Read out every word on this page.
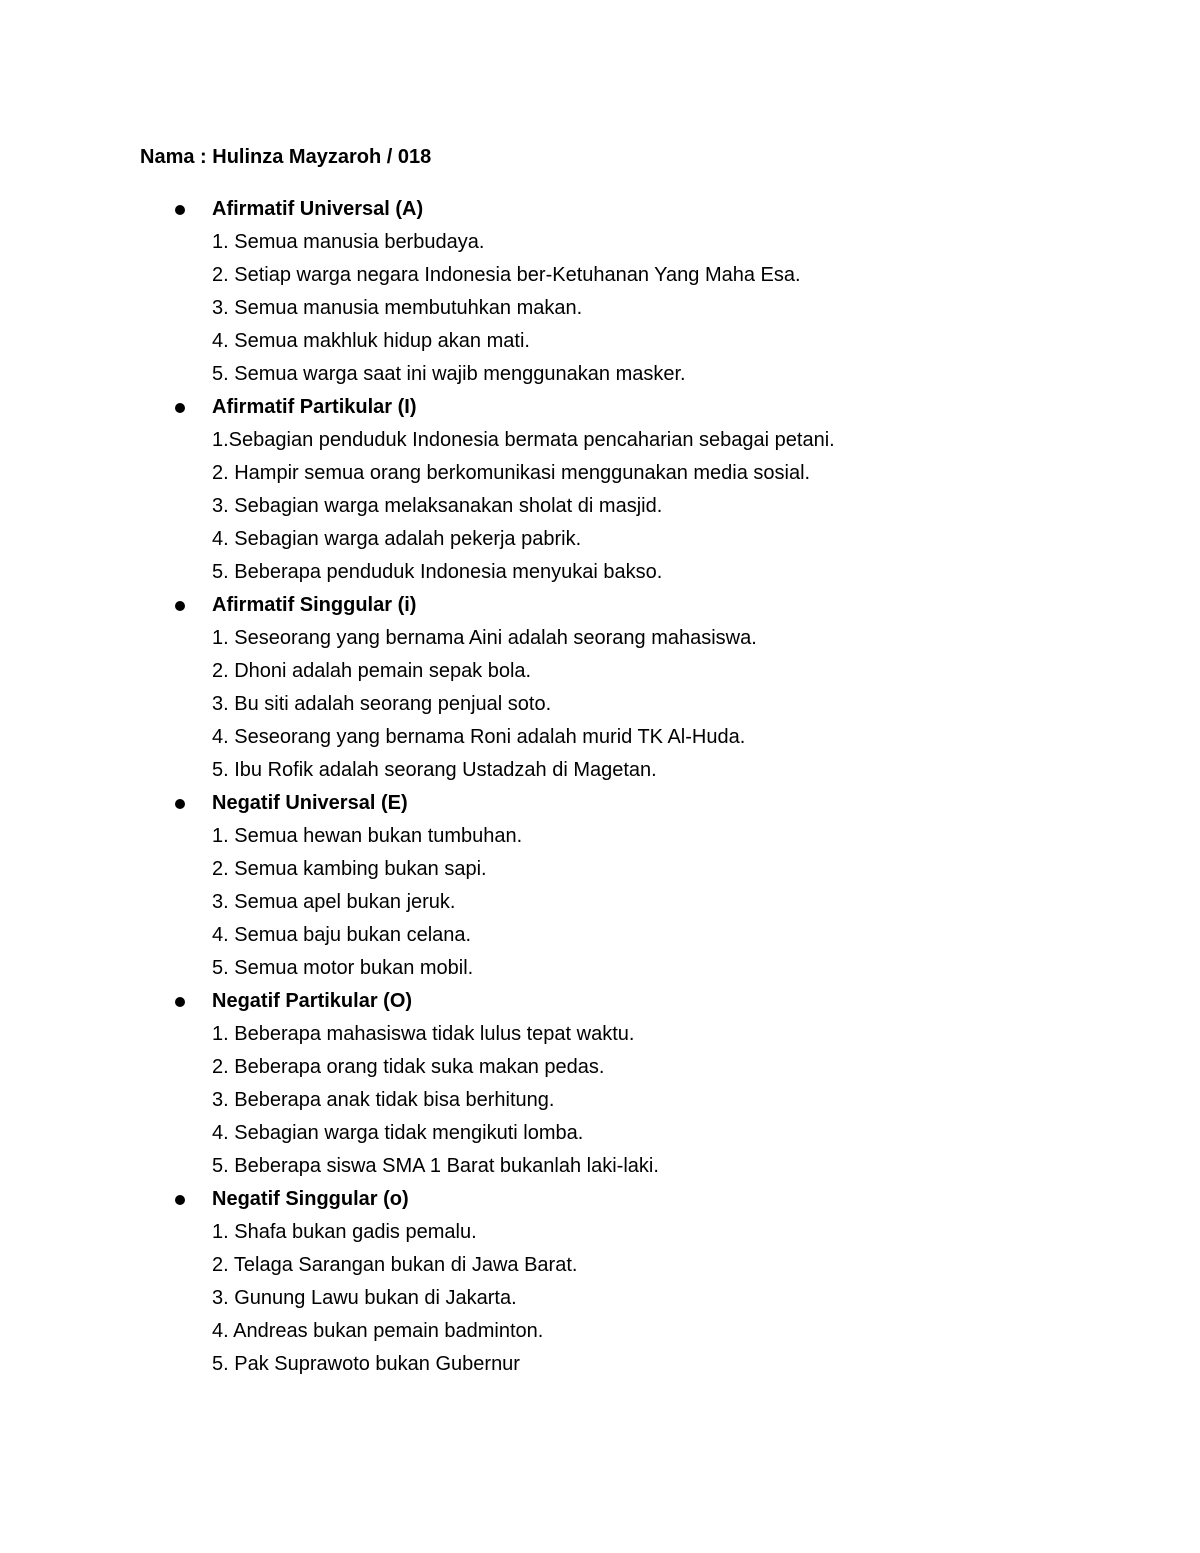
Nama : Hulinza Mayzaroh / 018
Afirmatif Universal (A)
1. Semua manusia berbudaya.
2. Setiap warga negara Indonesia ber-Ketuhanan Yang Maha Esa.
3. Semua manusia membutuhkan makan.
4. Semua makhluk hidup akan mati.
5. Semua warga saat ini wajib menggunakan masker.
Afirmatif Partikular (I)
1.Sebagian penduduk Indonesia bermata pencaharian sebagai petani.
2. Hampir semua orang berkomunikasi menggunakan media sosial.
3. Sebagian warga melaksanakan sholat di masjid.
4. Sebagian warga adalah pekerja pabrik.
5. Beberapa penduduk Indonesia menyukai bakso.
Afirmatif Singgular (i)
1. Seseorang yang bernama Aini adalah seorang mahasiswa.
2. Dhoni adalah pemain sepak bola.
3. Bu siti adalah seorang penjual soto.
4. Seseorang yang bernama Roni adalah murid TK Al-Huda.
5. Ibu Rofik adalah seorang Ustadzah di Magetan.
Negatif Universal (E)
1. Semua hewan bukan tumbuhan.
2. Semua kambing bukan sapi.
3. Semua apel bukan jeruk.
4. Semua baju bukan celana.
5. Semua motor bukan mobil.
Negatif Partikular (O)
1. Beberapa mahasiswa tidak lulus tepat waktu.
2. Beberapa orang tidak suka makan pedas.
3. Beberapa anak tidak bisa berhitung.
4. Sebagian warga tidak mengikuti lomba.
5. Beberapa siswa SMA 1 Barat bukanlah laki-laki.
Negatif Singgular (o)
1. Shafa bukan gadis pemalu.
2. Telaga Sarangan bukan di Jawa Barat.
3. Gunung Lawu bukan di Jakarta.
4. Andreas bukan pemain badminton.
5. Pak Suprawoto bukan Gubernur
